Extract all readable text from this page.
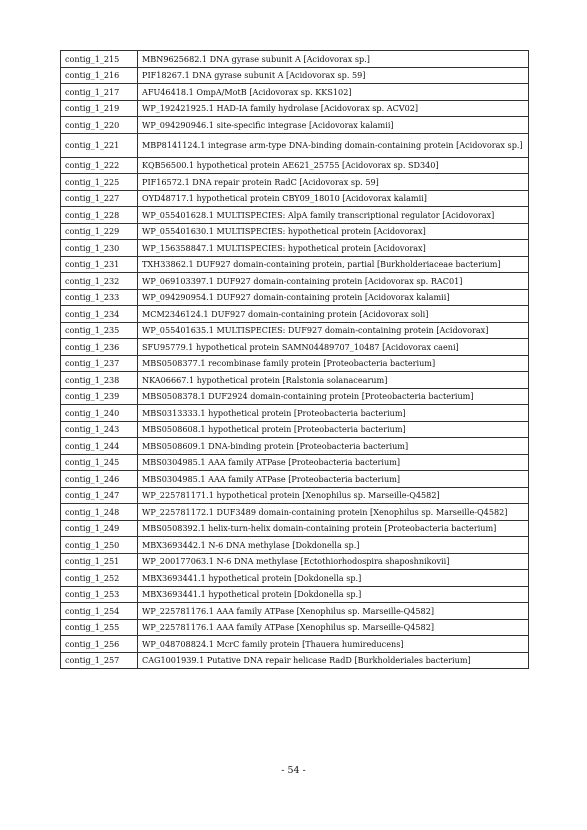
contig_1_215	MBN9625682.1 DNA gyrase subunit A [Acidovorax sp.]
contig_1_216	PIF18267.1 DNA gyrase subunit A [Acidovorax sp. 59]
contig_1_217	AFU46418.1 OmpA/MotB [Acidovorax sp. KKS102]
contig_1_219	WP_192421925.1 HAD-IA family hydrolase [Acidovorax sp. ACV02]
contig_1_220	WP_094290946.1 site-specific integrase [Acidovorax kalamii]
contig_1_221	MBP8141124.1 integrase arm-type DNA-binding domain-containing protein [Acidovorax sp.]
contig_1_222	KQB56500.1 hypothetical protein AE621_25755 [Acidovorax sp. SD340]
contig_1_225	PIF16572.1 DNA repair protein RadC [Acidovorax sp. 59]
contig_1_227	OYD48717.1 hypothetical protein CBY09_18010 [Acidovorax kalamii]
contig_1_228	WP_055401628.1 MULTISPECIES: AlpA family transcriptional regulator [Acidovorax]
contig_1_229	WP_055401630.1 MULTISPECIES: hypothetical protein [Acidovorax]
contig_1_230	WP_156358847.1 MULTISPECIES: hypothetical protein [Acidovorax]
contig_1_231	TXH33862.1 DUF927 domain-containing protein, partial [Burkholderiaceae bacterium]
contig_1_232	WP_069103397.1 DUF927 domain-containing protein [Acidovorax sp. RAC01]
contig_1_233	WP_094290954.1 DUF927 domain-containing protein [Acidovorax kalamii]
contig_1_234	MCM2346124.1 DUF927 domain-containing protein [Acidovorax soli]
contig_1_235	WP_055401635.1 MULTISPECIES: DUF927 domain-containing protein [Acidovorax]
contig_1_236	SFU95779.1 hypothetical protein SAMN04489707_10487 [Acidovorax caeni]
contig_1_237	MBS0508377.1 recombinase family protein [Proteobacteria bacterium]
contig_1_238	NKA06667.1 hypothetical protein [Ralstonia solanacearum]
contig_1_239	MBS0508378.1 DUF2924 domain-containing protein [Proteobacteria bacterium]
contig_1_240	MBS0313333.1 hypothetical protein [Proteobacteria bacterium]
contig_1_243	MBS0508608.1 hypothetical protein [Proteobacteria bacterium]
contig_1_244	MBS0508609.1 DNA-binding protein [Proteobacteria bacterium]
contig_1_245	MBS0304985.1 AAA family ATPase [Proteobacteria bacterium]
contig_1_246	MBS0304985.1 AAA family ATPase [Proteobacteria bacterium]
contig_1_247	WP_225781171.1 hypothetical protein [Xenophilus sp. Marseille-Q4582]
contig_1_248	WP_225781172.1 DUF3489 domain-containing protein [Xenophilus sp. Marseille-Q4582]
contig_1_249	MBS0508392.1 helix-turn-helix domain-containing protein [Proteobacteria bacterium]
contig_1_250	MBX3693442.1 N-6 DNA methylase [Dokdonella sp.]
contig_1_251	WP_200177063.1 N-6 DNA methylase [Ectothiorhodospira shaposhnikovii]
contig_1_252	MBX3693441.1 hypothetical protein [Dokdonella sp.]
contig_1_253	MBX3693441.1 hypothetical protein [Dokdonella sp.]
contig_1_254	WP_225781176.1 AAA family ATPase [Xenophilus sp. Marseille-Q4582]
contig_1_255	WP_225781176.1 AAA family ATPase [Xenophilus sp. Marseille-Q4582]
contig_1_256	WP_048708824.1 McrC family protein [Thauera humireducens]
contig_1_257	CAG1001939.1 Putative DNA repair helicase RadD [Burkholderiales bacterium]
- 54 -
